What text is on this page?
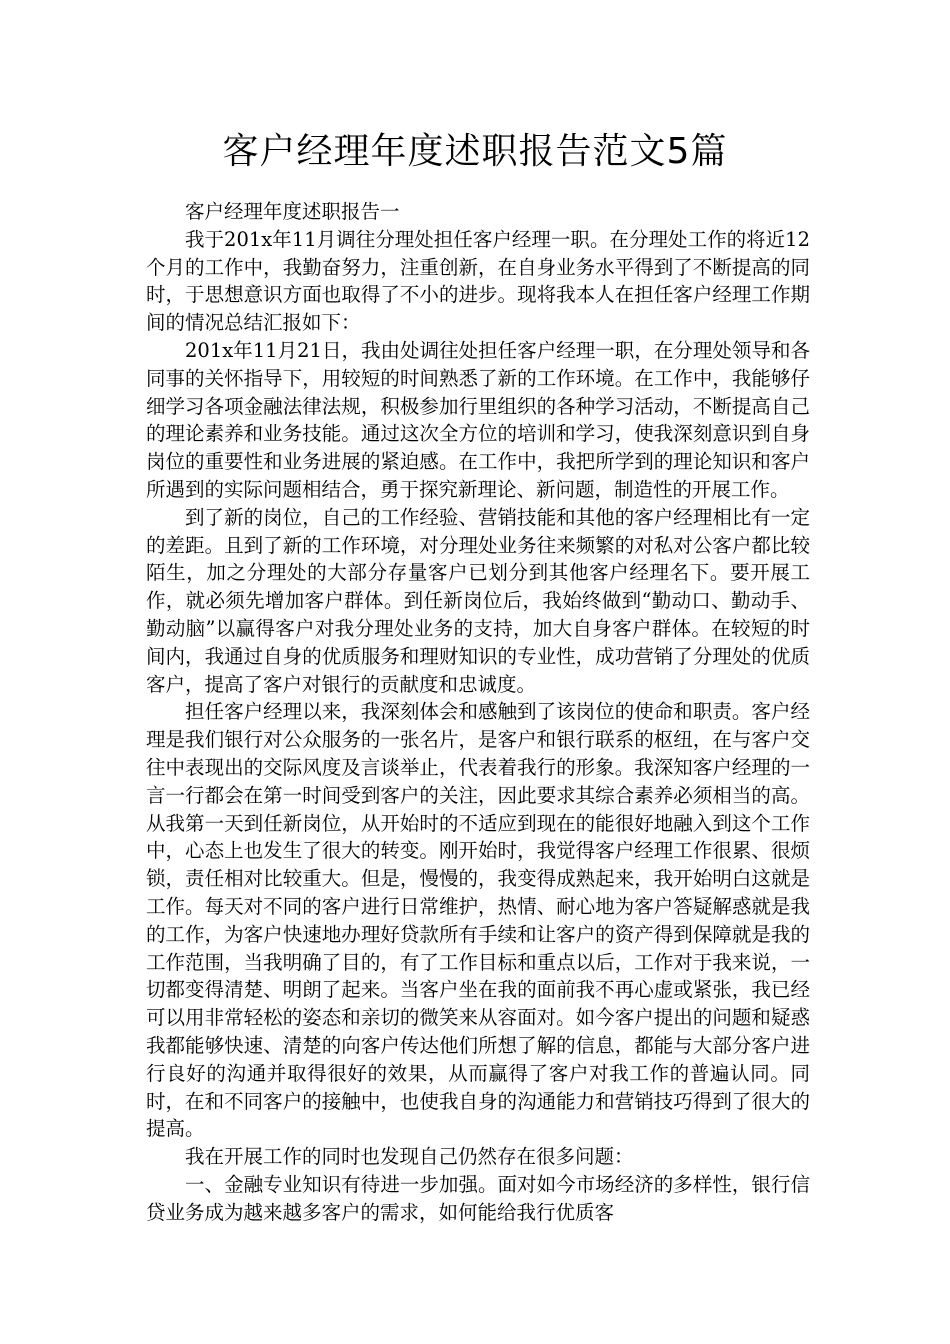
客户经理年度述职报告范文5篇

客户经理年度述职报告一

我于201x年11月调往分理处担任客户经理一职。在分理处工作的将近12个月的工作中，我勤奋努力，注重创新，在自身业务水平得到了不断提高的同时，于思想意识方面也取得了不小的进步。现将我本人在担任客户经理工作期间的情况总结汇报如下：

201x年11月21日，我由处调往处担任客户经理一职，在分理处领导和各同事的关怀指导下，用较短的时间熟悉了新的工作环境。在工作中，我能够仔细学习各项金融法律法规，积极参加行里组织的各种学习活动，不断提高自己的理论素养和业务技能。通过这次全方位的培训和学习，使我深刻意识到自身岗位的重要性和业务进展的紧迫感。在工作中，我把所学到的理论知识和客户所遇到的实际问题相结合，勇于探究新理论、新问题，制造性的开展工作。

到了新的岗位，自己的工作经验、营销技能和其他的客户经理相比有一定的差距。且到了新的工作环境，对分理处业务往来频繁的对私对公客户都比较陌生，加之分理处的大部分存量客户已划分到其他客户经理名下。要开展工作，就必须先增加客户群体。到任新岗位后，我始终做到“勤动口、勤动手、勤动脑”以赢得客户对我分理处业务的支持，加大自身客户群体。在较短的时间内，我通过自身的优质服务和理财知识的专业性，成功营销了分理处的优质客户，提高了客户对银行的贡献度和忠诚度。

担任客户经理以来，我深刻体会和感触到了该岗位的使命和职责。客户经理是我们银行对公众服务的一张名片，是客户和银行联系的枢纽，在与客户交往中表现出的交际风度及言谈举止，代表着我行的形象。我深知客户经理的一言一行都会在第一时间受到客户的关注，因此要求其综合素养必须相当的高。从我第一天到任新岗位，从开始时的不适应到现在的能很好地融入到这个工作中，心态上也发生了很大的转变。刚开始时，我觉得客户经理工作很累、很烦锁，责任相对比较重大。但是，慢慢的，我变得成熟起来，我开始明白这就是工作。每天对不同的客户进行日常维护，热情、耐心地为客户答疑解惑就是我的工作，为客户快速地办理好贷款所有手续和让客户的资产得到保障就是我的工作范围，当我明确了目的，有了工作目标和重点以后，工作对于我来说，一切都变得清楚、明朗了起来。当客户坐在我的面前我不再心虚或紧张，我已经可以用非常轻松的姿态和亲切的微笑来从容面对。如今客户提出的问题和疑惑我都能够快速、清楚的向客户传达他们所想了解的信息，都能与大部分客户进行良好的沟通并取得很好的效果，从而赢得了客户对我工作的普遍认同。同时，在和不同客户的接触中，也使我自身的沟通能力和营销技巧得到了很大的提高。

我在开展工作的同时也发现自己仍然存在很多问题：

一、金融专业知识有待进一步加强。面对如今市场经济的多样性，银行信贷业务成为越来越多客户的需求，如何能给我行优质客
